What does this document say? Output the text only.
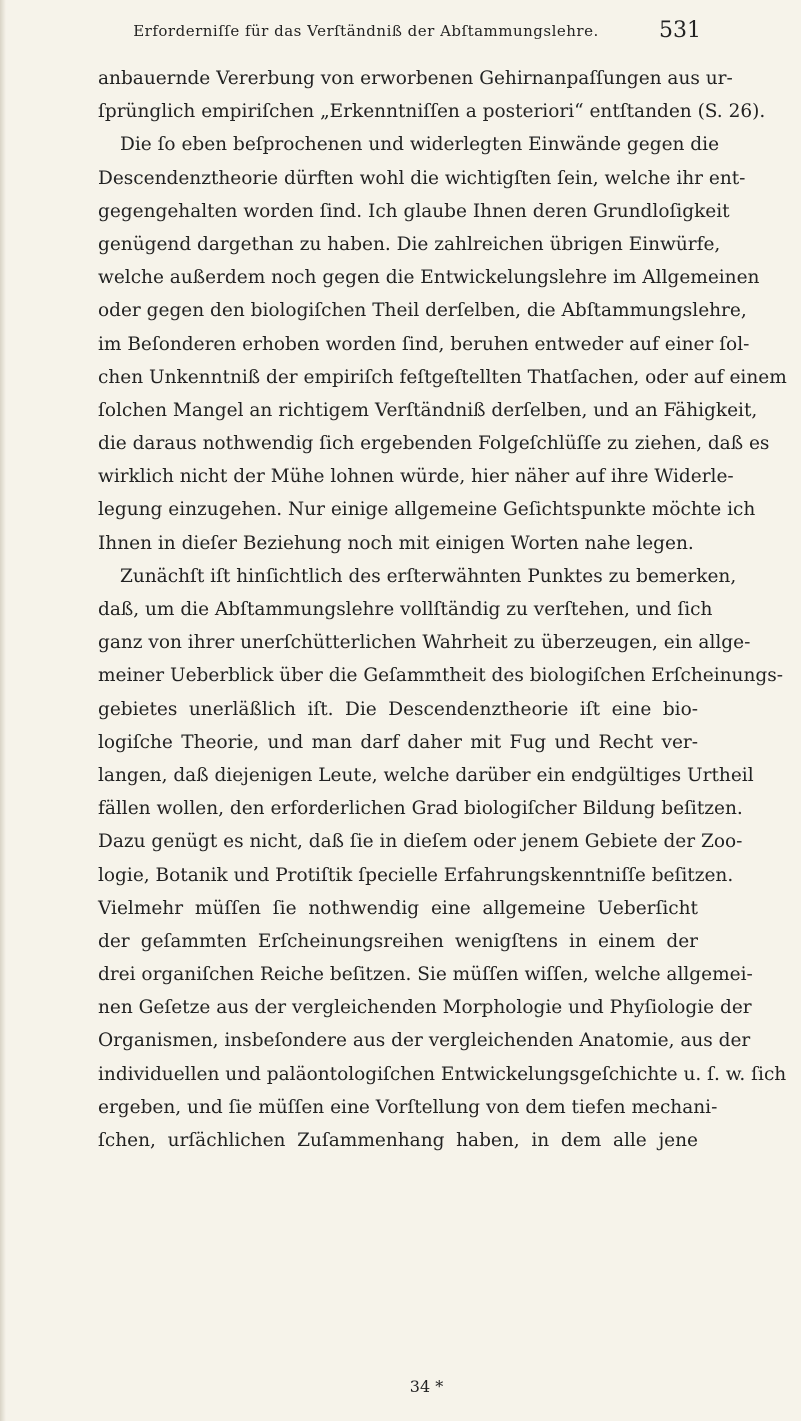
Erforderniſſe für das Verſtändniß der Abſtammungslehre.	531
anbauernde Vererbung von erworbenen Gehirnanpaſſungen aus ur-
ſprünglich empiriſchen „Erkenntniſſen a posteriori“ entſtanden (S. 26).
Die ſo eben beſprochenen und widerlegten Einwände gegen die
Descendenztheorie dürften wohl die wichtigſten ſein, welche ihr ent-
gegengehalten worden ſind. Ich glaube Ihnen deren Grundloſigkeit
genügend dargethan zu haben. Die zahlreichen übrigen Einwürfe,
welche außerdem noch gegen die Entwickelungslehre im Allgemeinen
oder gegen den biologiſchen Theil derſelben, die Abſtammungslehre,
im Beſonderen erhoben worden ſind, beruhen entweder auf einer ſol-
chen Unkenntniß der empiriſch feſtgeſtellten Thatſachen, oder auf einem
ſolchen Mangel an richtigem Verſtändniß derſelben, und an Fähigkeit,
die daraus nothwendig ſich ergebenden Folgeſchlüſſe zu ziehen, daß es
wirklich nicht der Mühe lohnen würde, hier näher auf ihre Widerle-
legung einzugehen. Nur einige allgemeine Geſichtspunkte möchte ich
Ihnen in dieſer Beziehung noch mit einigen Worten nahe legen.
Zunächſt iſt hinſichtlich des erſterwähnten Punktes zu bemerken,
daß, um die Abſtammungslehre vollſtändig zu verſtehen, und ſich
ganz von ihrer unerſchütterlichen Wahrheit zu überzeugen, ein allge-
meiner Ueberblick über die Geſammtheit des biologiſchen Erſcheinungs-
gebietes unerläßlich iſt. Die Descendenztheorie iſt eine bio-
logiſche Theorie, und man darf daher mit Fug und Recht ver-
langen, daß diejenigen Leute, welche darüber ein endgültiges Urtheil
fällen wollen, den erforderlichen Grad biologiſcher Bildung beſitzen.
Dazu genügt es nicht, daß ſie in dieſem oder jenem Gebiete der Zoo-
logie, Botanik und Protiſtik ſpecielle Erfahrungskenntniſſe beſitzen.
Vielmehr müſſen ſie nothwendig eine allgemeine Ueberſicht
der geſammten Erſcheinungsreihen wenigſtens in einem der
drei organiſchen Reiche beſitzen. Sie müſſen wiſſen, welche allgemei-
nen Geſetze aus der vergleichenden Morphologie und Phyſiologie der
Organismen, insbeſondere aus der vergleichenden Anatomie, aus der
individuellen und paläontologiſchen Entwickelungsgeſchichte u. ſ. w. ſich
ergeben, und ſie müſſen eine Vorſtellung von dem tiefen mechani-
ſchen, urſächlichen Zuſammenhang haben, in dem alle jene
34 *
